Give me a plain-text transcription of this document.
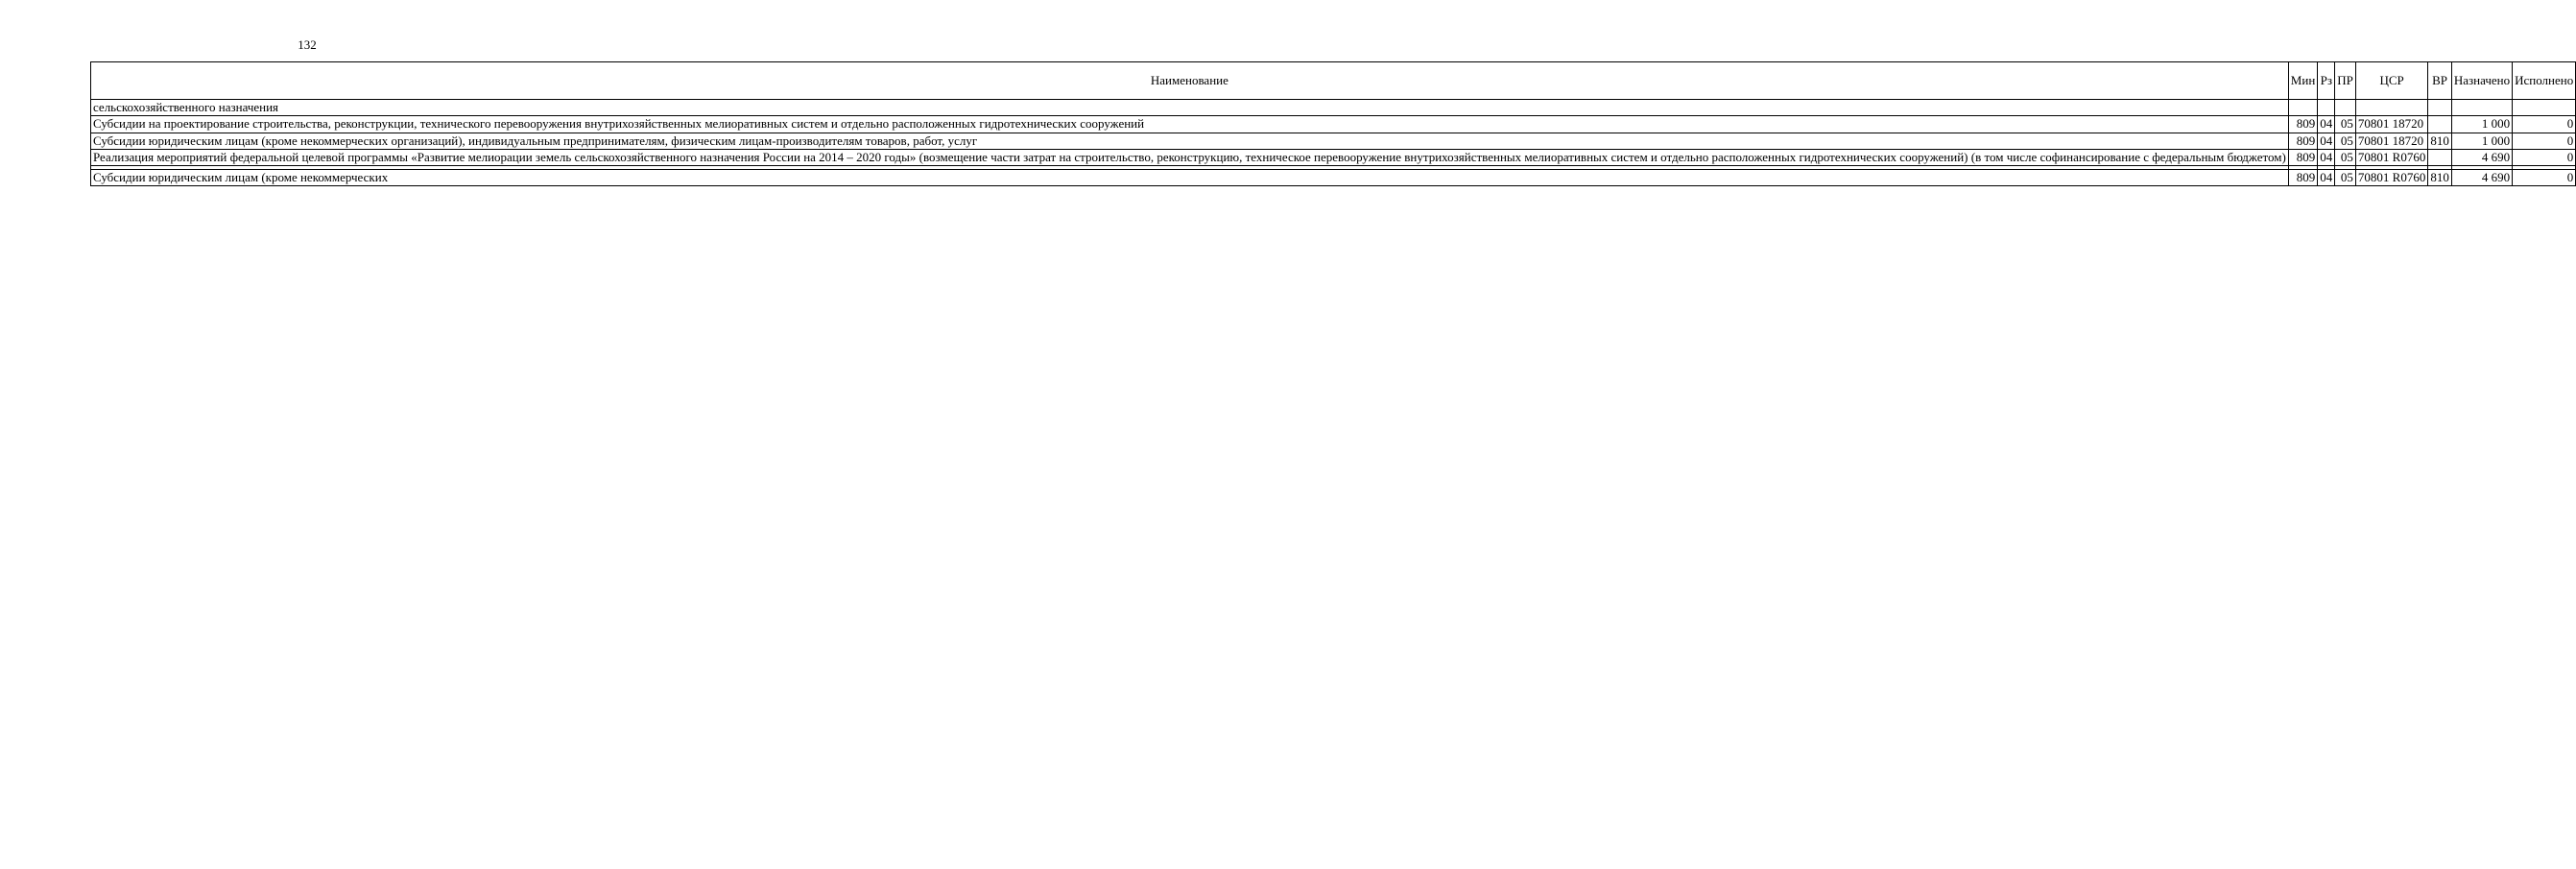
132
Наименование	Мин	Рз	ПР	ЦСР	ВР	Назначено	Исполнено
сельскохозяйственного назначения							
Субсидии на проектирование строительства, реконструкции, технического перевооружения внутрихозяйственных мелиоративных систем и отдельно расположенных гидротехнических сооружений	809	04	05	70801 18720		1 000	0
Субсидии юридическим лицам (кроме некоммерческих организаций), индивидуальным предпринимателям, физическим лицам-производителям товаров, работ, услуг	809	04	05	70801 18720	810	1 000	0
Реализация мероприятий федеральной целевой программы «Развитие мелиорации земель сельскохозяйственного назначения России на 2014 – 2020 годы» (возмещение части затрат на строительство, реконструкцию, техническое перевооружение внутрихозяйственных мелиоративных систем и отдельно расположенных гидротехнических сооружений) (в том числе софинансирование с федеральным бюджетом)	809	04	05	70801 R0760		4 690	0

Субсидии юридическим лицам (кроме некоммерческих	809	04	05	70801 R0760	810	4 690	0
